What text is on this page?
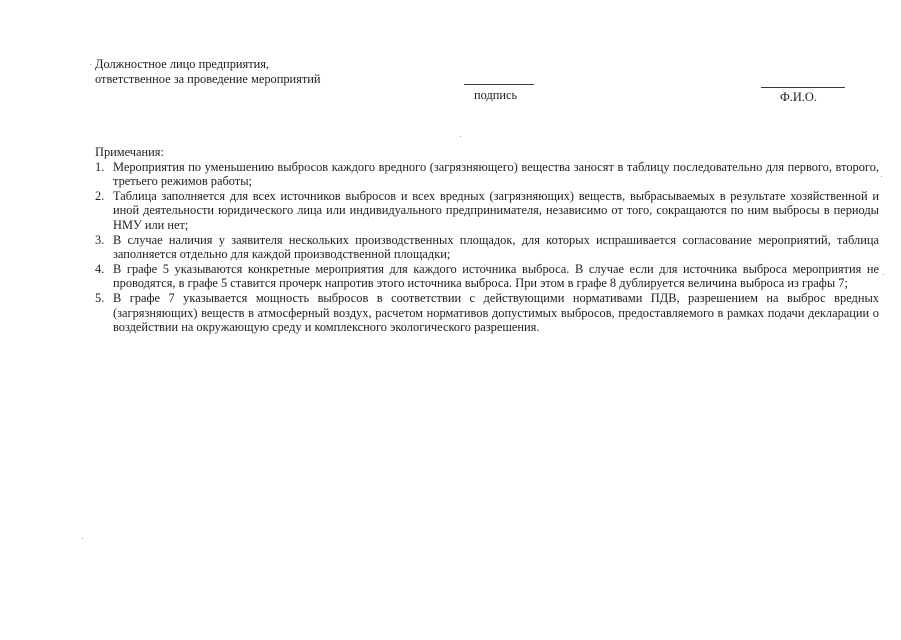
Должностное лицо предприятия,
ответственное за проведение мероприятий
подпись	Ф.И.О.
Примечания:
1. Мероприятия по уменьшению выбросов каждого вредного (загрязняющего) вещества заносят в таблицу последовательно для первого, второго, третьего режимов работы;
2. Таблица заполняется для всех источников выбросов и всех вредных (загрязняющих) веществ, выбрасываемых в результате хозяйственной и иной деятельности юридического лица или индивидуального предпринимателя, независимо от того, сокращаются по ним выбросы в периоды НМУ или нет;
3. В случае наличия у заявителя нескольких производственных площадок, для которых испрашивается согласование мероприятий, таблица заполняется отдельно для каждой производственной площадки;
4. В графе 5 указываются конкретные мероприятия для каждого источника выброса. В случае если для источника выброса мероприятия не проводятся, в графе 5 ставится прочерк напротив этого источника выброса. При этом в графе 8 дублируется величина выброса из графы 7;
5. В графе 7 указывается мощность выбросов в соответствии с действующими нормативами ПДВ, разрешением на выброс вредных (загрязняющих) веществ в атмосферный воздух, расчетом нормативов допустимых выбросов, предоставляемого в рамках подачи декларации о воздействии на окружающую среду и комплексного экологического разрешения.
